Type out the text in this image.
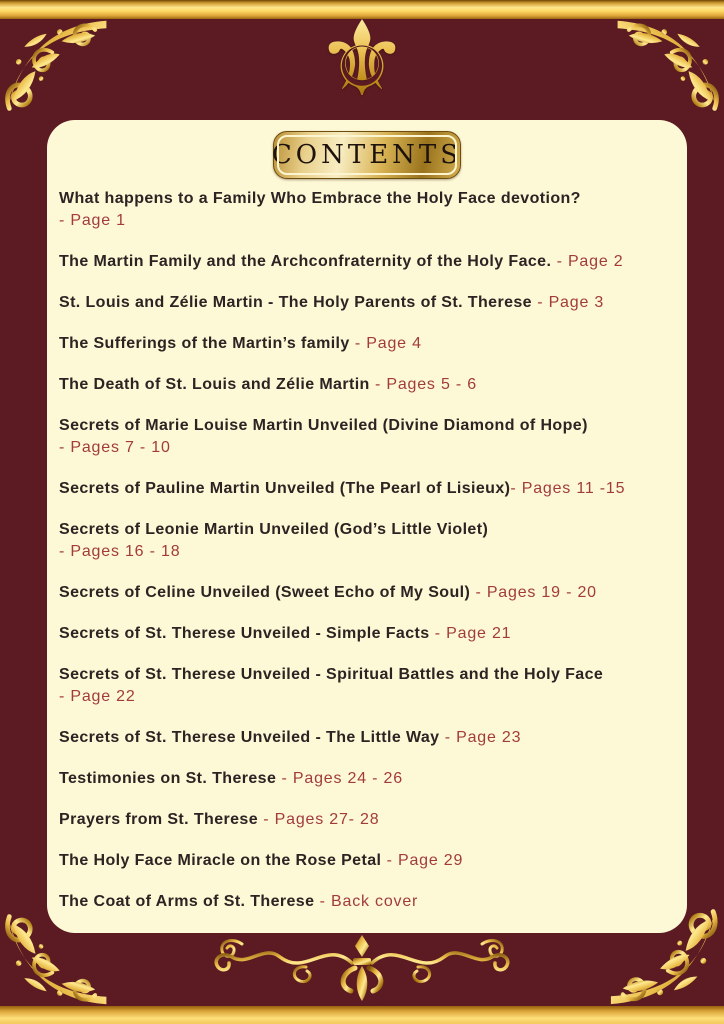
⚜
CONTENTS
What happens to a Family Who Embrace the Holy Face devotion?
- Page 1
The Martin Family and the Archconfraternity of the Holy Face. - Page 2
St. Louis and Zélie Martin - The Holy Parents of St. Therese - Page 3
The Sufferings of the Martin’s family - Page 4
The Death of St. Louis and Zélie Martin - Pages 5 - 6
Secrets of Marie Louise Martin Unveiled (Divine Diamond of Hope)
- Pages 7 - 10
Secrets of Pauline Martin Unveiled (The Pearl of Lisieux)- Pages 11 -15
Secrets of Leonie Martin Unveiled (God’s Little Violet)
- Pages 16 - 18
Secrets of Celine Unveiled (Sweet Echo of My Soul) - Pages 19 - 20
Secrets of St. Therese Unveiled - Simple Facts - Page 21
Secrets of St. Therese Unveiled - Spiritual Battles and the Holy Face
- Page 22
Secrets of St. Therese Unveiled - The Little Way - Page 23
Testimonies on St. Therese - Pages 24 - 26
Prayers from St. Therese - Pages 27- 28
The Holy Face Miracle on the Rose Petal - Page 29
The Coat of Arms of St. Therese - Back cover
